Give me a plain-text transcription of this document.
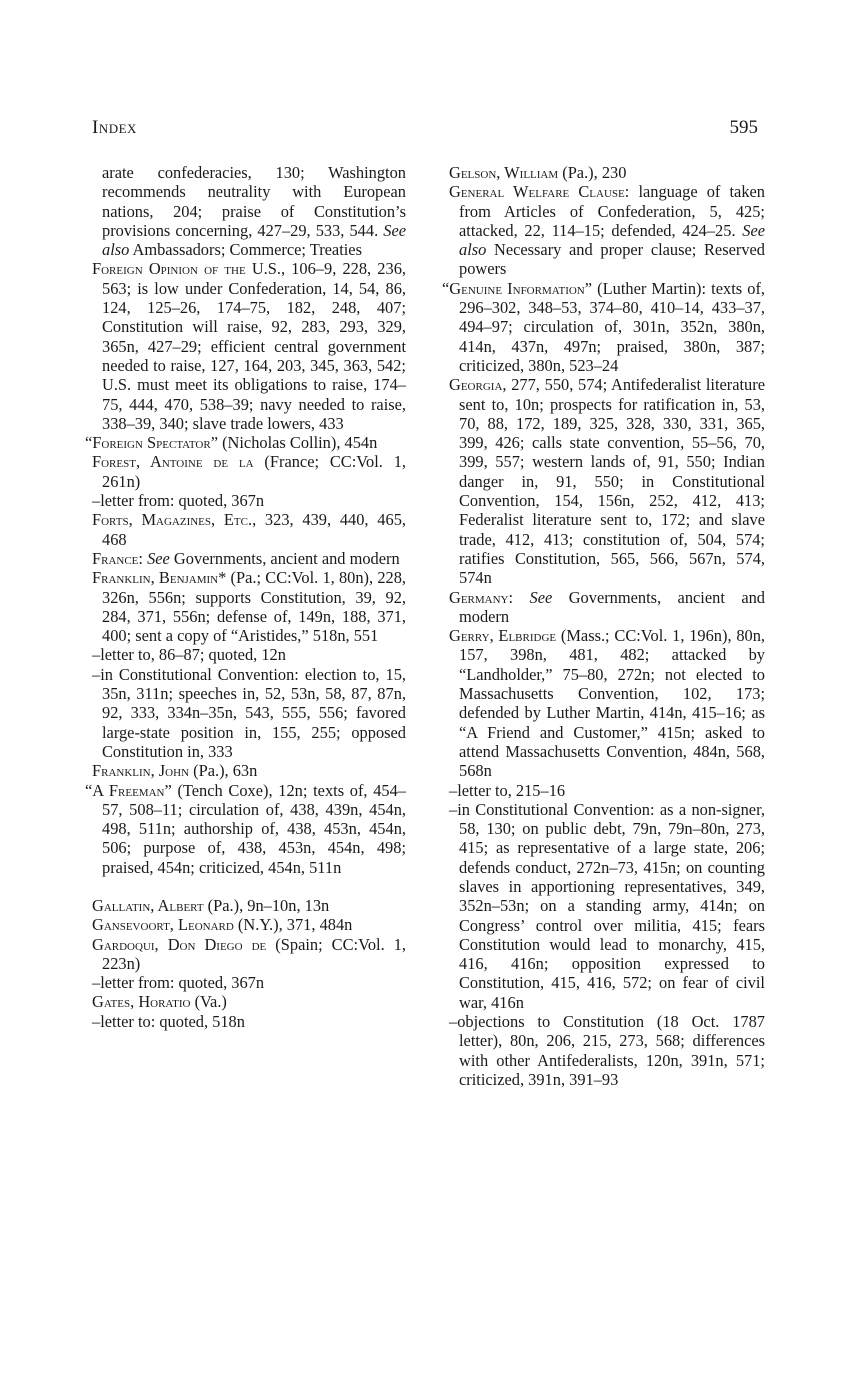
Index	595

arate confederacies, 130; Washington recommends neutrality with European nations, 204; praise of Constitution’s provisions concerning, 427–29, 533, 544. See also Ambassadors; Commerce; Treaties

Foreign Opinion of the U.S., 106–9, 228, 236, 563; is low under Confederation, 14, 54, 86, 124, 125–26, 174–75, 182, 248, 407; Constitution will raise, 92, 283, 293, 329, 365n, 427–29; efficient central government needed to raise, 127, 164, 203, 345, 363, 542; U.S. must meet its obligations to raise, 174–75, 444, 470, 538–39; navy needed to raise, 338–39, 340; slave trade lowers, 433

“Foreign Spectator” (Nicholas Collin), 454n

Forest, Antoine de la (France; CC:Vol. 1, 261n)

–letter from: quoted, 367n

Forts, Magazines, Etc., 323, 439, 440, 465, 468

France: See Governments, ancient and modern

Franklin, Benjamin* (Pa.; CC:Vol. 1, 80n), 228, 326n, 556n; supports Constitution, 39, 92, 284, 371, 556n; defense of, 149n, 188, 371, 400; sent a copy of “Aristides,” 518n, 551

–letter to, 86–87; quoted, 12n

–in Constitutional Convention: election to, 15, 35n, 311n; speeches in, 52, 53n, 58, 87, 87n, 92, 333, 334n–35n, 543, 555, 556; favored large-state position in, 155, 255; opposed Constitution in, 333

Franklin, John (Pa.), 63n

“A Freeman” (Tench Coxe), 12n; texts of, 454–57, 508–11; circulation of, 438, 439n, 454n, 498, 511n; authorship of, 438, 453n, 454n, 506; purpose of, 438, 453n, 454n, 498; praised, 454n; criticized, 454n, 511n

Gallatin, Albert (Pa.), 9n–10n, 13n

Gansevoort, Leonard (N.Y.), 371, 484n

Gardoqui, Don Diego de (Spain; CC:Vol. 1, 223n)

–letter from: quoted, 367n

Gates, Horatio (Va.)

–letter to: quoted, 518n

Gelson, William (Pa.), 230

General Welfare Clause: language of taken from Articles of Confederation, 5, 425; attacked, 22, 114–15; defended, 424–25. See also Necessary and proper clause; Reserved powers

“Genuine Information” (Luther Martin): texts of, 296–302, 348–53, 374–80, 410–14, 433–37, 494–97; circulation of, 301n, 352n, 380n, 414n, 437n, 497n; praised, 380n, 387; criticized, 380n, 523–24

Georgia, 277, 550, 574; Antifederalist literature sent to, 10n; prospects for ratification in, 53, 70, 88, 172, 189, 325, 328, 330, 331, 365, 399, 426; calls state convention, 55–56, 70, 399, 557; western lands of, 91, 550; Indian danger in, 91, 550; in Constitutional Convention, 154, 156n, 252, 412, 413; Federalist literature sent to, 172; and slave trade, 412, 413; constitution of, 504, 574; ratifies Constitution, 565, 566, 567n, 574, 574n

Germany: See Governments, ancient and modern

Gerry, Elbridge (Mass.; CC:Vol. 1, 196n), 80n, 157, 398n, 481, 482; attacked by “Landholder,” 75–80, 272n; not elected to Massachusetts Convention, 102, 173; defended by Luther Martin, 414n, 415–16; as “A Friend and Customer,” 415n; asked to attend Massachusetts Convention, 484n, 568, 568n

–letter to, 215–16

–in Constitutional Convention: as a non-signer, 58, 130; on public debt, 79n, 79n–80n, 273, 415; as representative of a large state, 206; defends conduct, 272n–73, 415n; on counting slaves in apportioning representatives, 349, 352n–53n; on a standing army, 414n; on Congress’ control over militia, 415; fears Constitution would lead to monarchy, 415, 416, 416n; opposition expressed to Constitution, 415, 416, 572; on fear of civil war, 416n

–objections to Constitution (18 Oct. 1787 letter), 80n, 206, 215, 273, 568; differences with other Antifederalists, 120n, 391n, 571; criticized, 391n, 391–93
